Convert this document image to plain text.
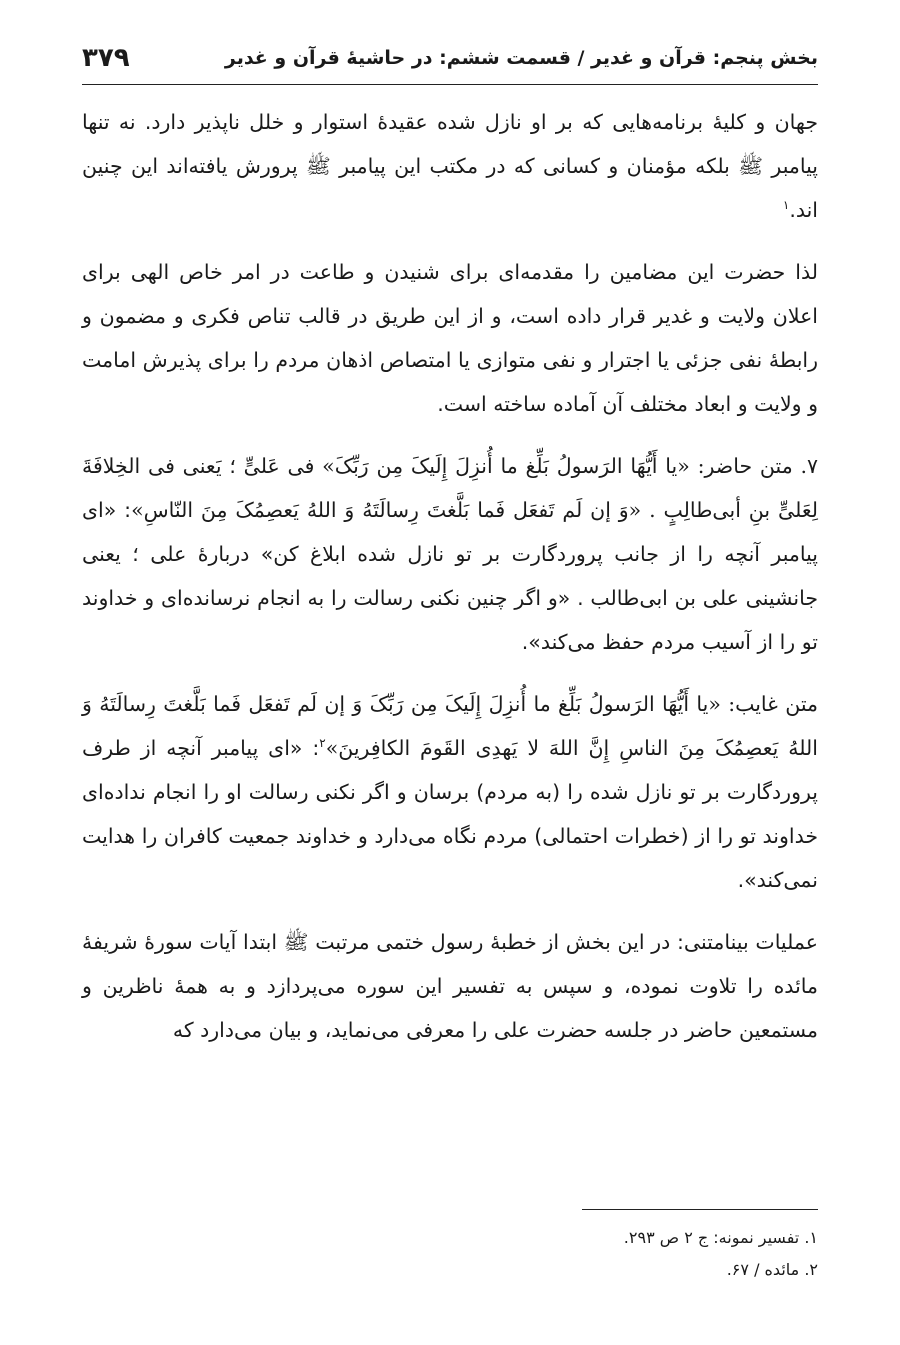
بخش پنجم: قرآن و غدیر / قسمت ششم: در حاشیۀ قرآن و غدیر
۳۷۹

جهان و کلیۀ برنامه‌هایی که بر او نازل شده عقیدۀ استوار و خلل ناپذیر دارد. نه تنها پیامبر ﷺ بلکه مؤمنان و کسانی که در مکتب این پیامبر ﷺ پرورش یافته‌اند این چنین اند.$^۱$

لذا حضرت این مضامین را مقدمه‌ای برای شنیدن و طاعت در امر خاص الهی برای اعلان ولایت و غدیر قرار داده است، و از این طریق در قالب تناص فکری و مضمون و رابطۀ نفی جزئی یا اجترار و نفی متوازی یا امتصاص اذهان مردم را برای پذیرش امامت و ولایت و ابعاد مختلف آن آماده ساخته است.

۷. متن حاضر: «یا أَیُّهَا الرَسولُ بَلِّغ ما أُنزِلَ إِلَیکَ مِن رَبِّکَ» فی عَلیٍّ ؛ یَعنی فی الخِلافَةَ لِعَلیٍّ بنِ أبی‌طالِبٍ . «وَ إن لَم تَفعَل فَما بَلَّغتَ رِسالَتَهُ وَ اللهُ یَعصِمُکَ مِنَ النّاسِ»: «ای پیامبر آنچه را از جانب پروردگارت بر تو نازل شده ابلاغ کن» دربارۀ علی ؛ یعنی جانشینی علی بن ابی‌طالب . «و اگر چنین نکنی رسالت را به انجام نرسانده‌ای و خداوند تو را از آسیب مردم حفظ می‌کند».

متن غایب: «یا أَیُّهَا الرَسولُ بَلِّغ ما أُنزِلَ إِلَیکَ مِن رَبِّکَ وَ إن لَم تَفعَل فَما بَلَّغتَ رِسالَتَهُ وَ اللهُ یَعصِمُکَ مِنَ الناسِ إِنَّ اللهَ لا یَهدِی القَومَ الکافِرینَ»$^۲$: «ای پیامبر آنچه از طرف پروردگارت بر تو نازل شده را (به مردم) برسان و اگر نکنی رسالت او را انجام نداده‌ای خداوند تو را از (خطرات احتمالی) مردم نگاه می‌دارد و خداوند جمعیت کافران را هدایت نمی‌کند».

عملیات بینامتنی: در این بخش از خطبۀ رسول ختمی مرتبت ﷺ ابتدا آیات سورۀ شریفۀ مائده را تلاوت نموده، و سپس به تفسیر این سوره می‌پردازد و به همۀ ناظرین و مستمعین حاضر در جلسه حضرت علی را معرفی می‌نماید، و بیان می‌دارد که

۱. تفسیر نمونه: ج ۲ ص ۲۹۳.

۲. مائده / ۶۷.
